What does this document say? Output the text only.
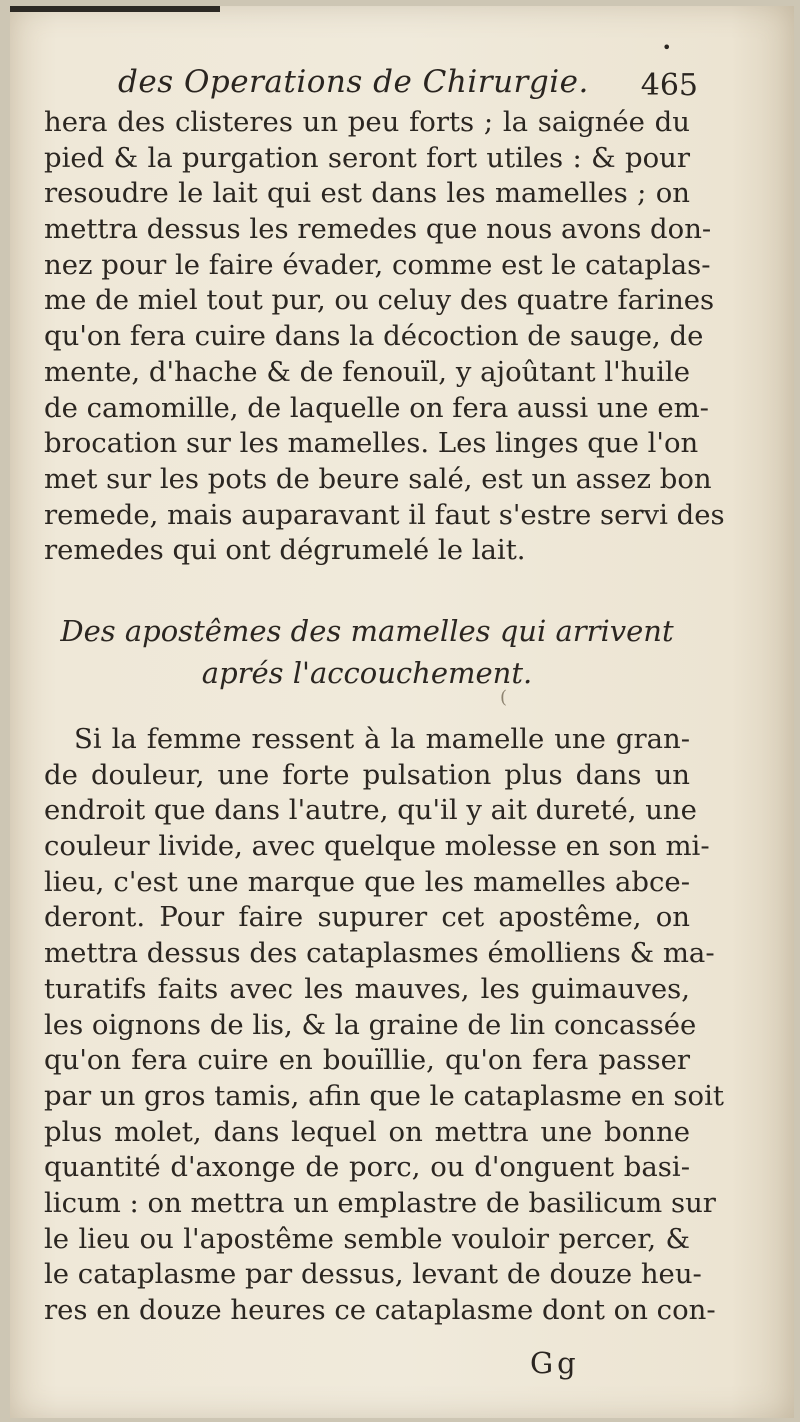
des Operations de Chirurgie. 465
•
hera des clisteres un peu forts ; la saignée du
pied & la purgation seront fort utiles : & pour
resoudre le lait qui est dans les mamelles ; on
mettra dessus les remedes que nous avons don-
nez pour le faire évader, comme est le cataplas-
me de miel tout pur, ou celuy des quatre farines
qu'on fera cuire dans la décoction de sauge, de
mente, d'hache & de fenouïl, y ajoûtant l'huile
de camomille, de laquelle on fera aussi une em-
brocation sur les mamelles. Les linges que l'on
met sur les pots de beure salé, est un assez bon
remede, mais auparavant il faut s'estre servi des
remedes qui ont dégrumelé le lait.
Des apostêmes des mamelles qui arrivent
aprés l'accouchement.
(
Si la femme ressent à la mamelle une gran-
de douleur, une forte pulsation plus dans un
endroit que dans l'autre, qu'il y ait dureté, une
couleur livide, avec quelque molesse en son mi-
lieu, c'est une marque que les mamelles abce-
deront. Pour faire supurer cet apostême, on
mettra dessus des cataplasmes émolliens & ma-
turatifs faits avec les mauves, les guimauves,
les oignons de lis, & la graine de lin concassée
qu'on fera cuire en bouïllie, qu'on fera passer
par un gros tamis, afin que le cataplasme en soit
plus molet, dans lequel on mettra une bonne
quantité d'axonge de porc, ou d'onguent basi-
licum : on mettra un emplastre de basilicum sur
le lieu ou l'apostême semble vouloir percer, &
le cataplasme par dessus, levant de douze heu-
res en douze heures ce cataplasme dont on con-
Gg
